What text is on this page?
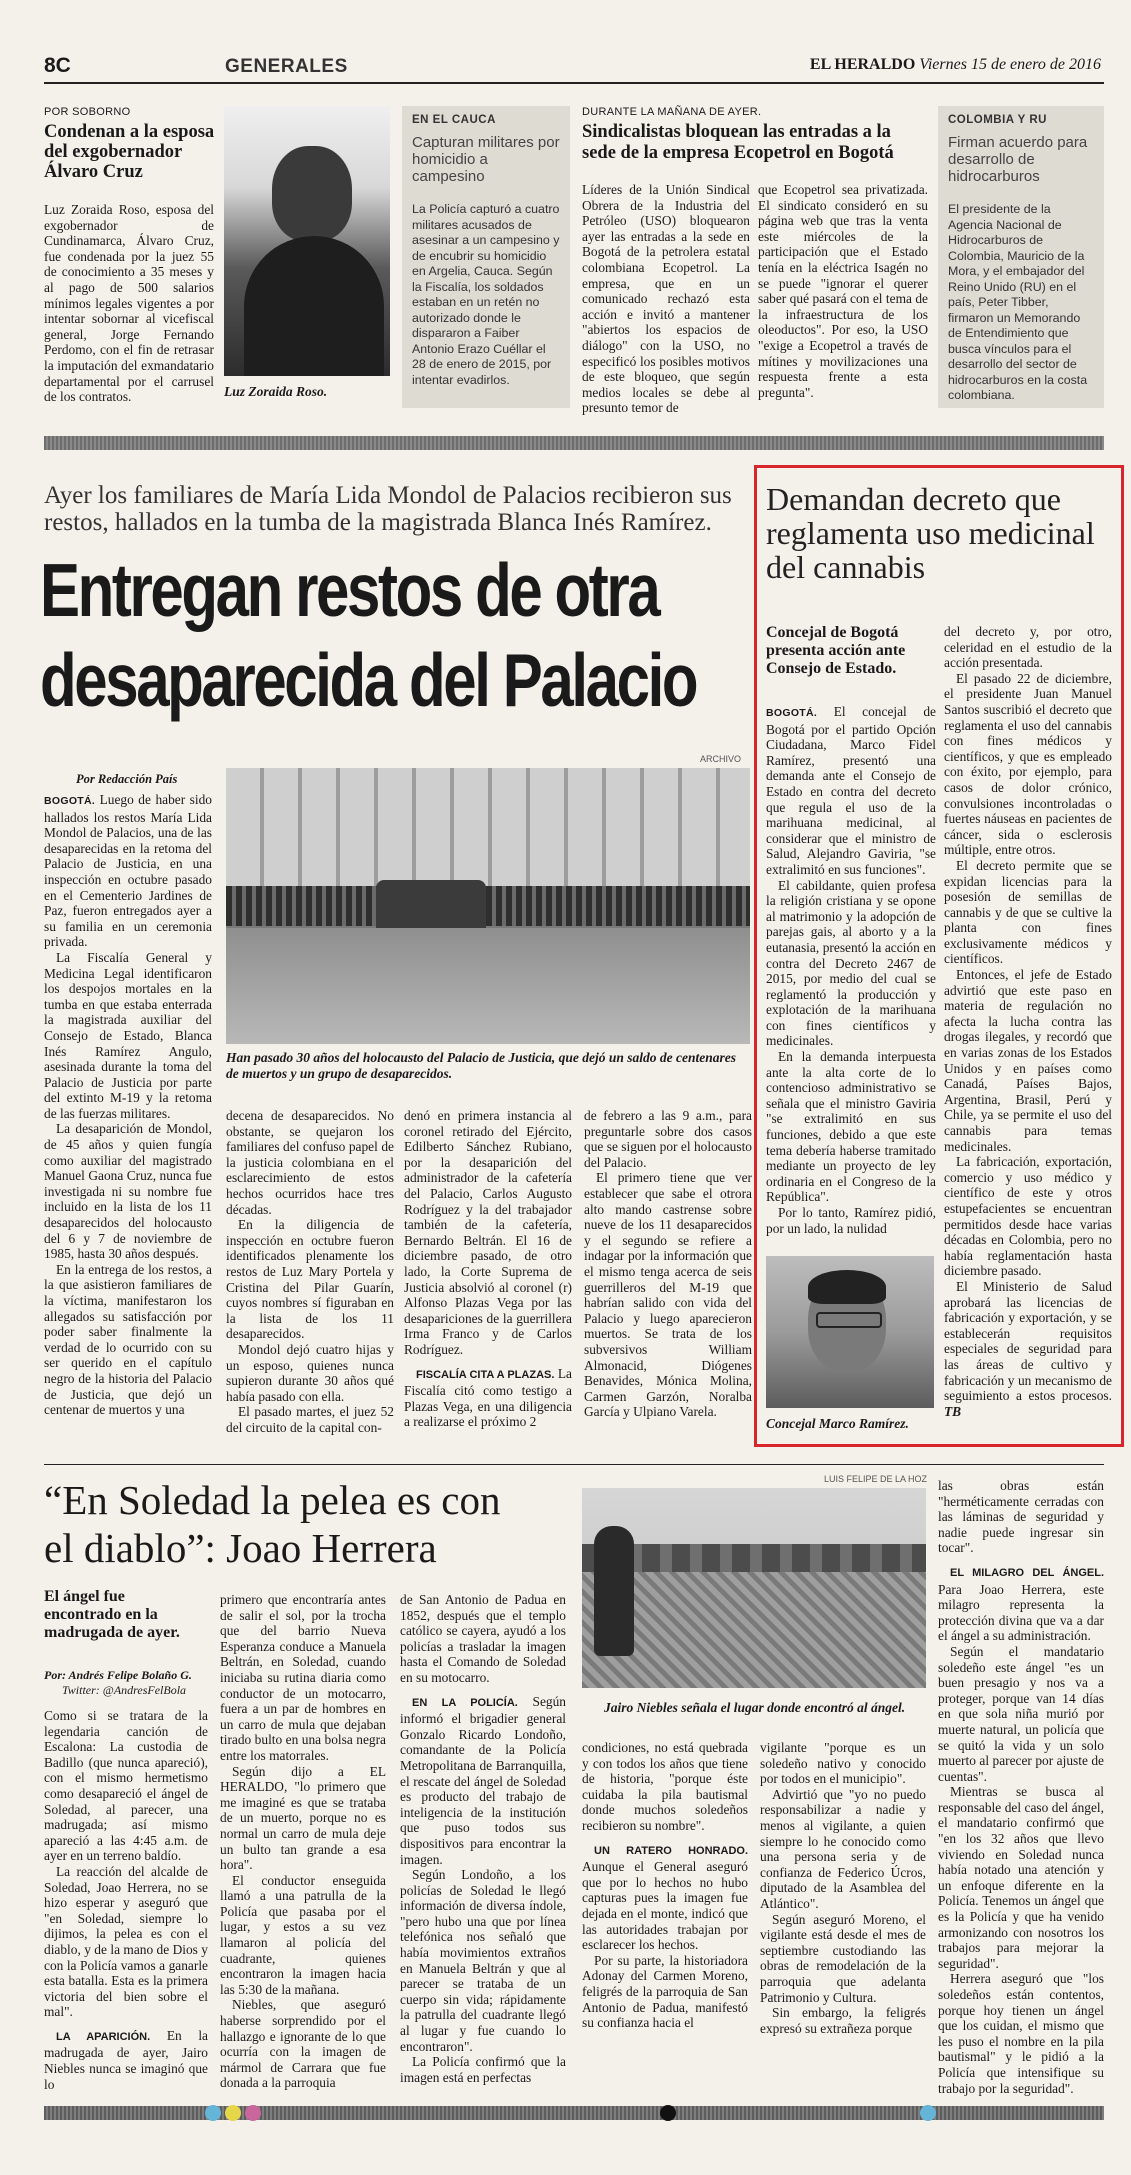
8C	GENERALES	EL HERALDO Viernes 15 de enero de 2016
POR SOBORNO
Condenan a la esposa del exgobernador Álvaro Cruz
Luz Zoraida Roso, esposa del exgobernador de Cundinamarca, Álvaro Cruz, fue condenada por la juez 55 de conocimiento a 35 meses y al pago de 500 salarios mínimos legales vigentes a por intentar sobornar al vicefiscal general, Jorge Fernando Perdomo, con el fin de retrasar la imputación del exmandatario departamental por el carrusel de los contratos.	Luz Zoraida Roso.
EN EL CAUCA
Capturan militares por homicidio a campesino
La Policía capturó a cuatro militares acusados de asesinar a un campesino y de encubrir su homicidio en Argelia, Cauca. Según la Fiscalía, los soldados estaban en un retén no autorizado donde le dispararon a Faiber Antonio Erazo Cuéllar el 28 de enero de 2015, por intentar evadirlos.
DURANTE LA MAÑANA DE AYER.
Sindicalistas bloquean las entradas a la sede de la empresa Ecopetrol en Bogotá
Líderes de la Unión Sindical Obrera de la Industria del Petróleo (USO) bloquearon ayer las entradas a la sede en Bogotá de la petrolera estatal colombiana Ecopetrol. La empresa, que en un comunicado rechazó esta acción e invitó a mantener "abiertos los espacios de diálogo" con la USO, no especificó los posibles motivos de este bloqueo, que según medios locales se debe al presunto temor de
que Ecopetrol sea privatizada. El sindicato consideró en su página web que tras la venta este miércoles de la participación que el Estado tenía en la eléctrica Isagén no se puede "ignorar el querer saber qué pasará con el tema de la infraestructura de los oleoductos". Por eso, la USO "exige a Ecopetrol a través de mítines y movilizaciones una respuesta frente a esta pregunta".
COLOMBIA Y RU
Firman acuerdo para desarrollo de hidrocarburos
El presidente de la Agencia Nacional de Hidrocarburos de Colombia, Mauricio de la Mora, y el embajador del Reino Unido (RU) en el país, Peter Tibber, firmaron un Memorando de Entendimiento que busca vínculos para el desarrollo del sector de hidrocarburos en la costa colombiana.
Ayer los familiares de María Lida Mondol de Palacios recibieron sus restos, hallados en la tumba de la magistrada Blanca Inés Ramírez.
Entregan restos de otra
desaparecida del Palacio
Por Redacción País
ARCHIVO
Han pasado 30 años del holocausto del Palacio de Justicia, que dejó un saldo de centenares de muertos y un grupo de desaparecidos.

BOGOTÁ. Luego de haber sido hallados los restos María Lida Mondol de Palacios, una de las desaparecidas en la retoma del Palacio de Justicia, en una inspección en octubre pasado en el Cementerio Jardines de Paz, fueron entregados ayer a su familia en un ceremonia privada.

La Fiscalía General y Medicina Legal identificaron los despojos mortales en la tumba en que estaba enterrada la magistrada auxiliar del Consejo de Estado, Blanca Inés Ramírez Angulo, asesinada durante la toma del Palacio de Justicia por parte del extinto M-19 y la retoma de las fuerzas militares.

La desaparición de Mondol, de 45 años y quien fungía como auxiliar del magistrado Manuel Gaona Cruz, nunca fue investigada ni su nombre fue incluido en la lista de los 11 desaparecidos del holocausto del 6 y 7 de noviembre de 1985, hasta 30 años después.

En la entrega de los restos, a la que asistieron familiares de la víctima, manifestaron los allegados su satisfacción por poder saber finalmente la verdad de lo ocurrido con su ser querido en el capítulo negro de la historia del Palacio de Justicia, que dejó un centenar de muertos y una

decena de desaparecidos. No obstante, se quejaron los familiares del confuso papel de la justicia colombiana en el esclarecimiento de estos hechos ocurridos hace tres décadas.

En la diligencia de inspección en octubre fueron identificados plenamente los restos de Luz Mary Portela y Cristina del Pilar Guarín, cuyos nombres sí figuraban en la lista de los 11 desaparecidos.

Mondol dejó cuatro hijas y un esposo, quienes nunca supieron durante 30 años qué había pasado con ella.

El pasado martes, el juez 52 del circuito de la capital con-

denó en primera instancia al coronel retirado del Ejército, Edilberto Sánchez Rubiano, por la desaparición del administrador de la cafetería del Palacio, Carlos Augusto Rodríguez y la del trabajador también de la cafetería, Bernardo Beltrán. El 16 de diciembre pasado, de otro lado, la Corte Suprema de Justicia absolvió al coronel (r) Alfonso Plazas Vega por las desapariciones de la guerrillera Irma Franco y de Carlos Rodríguez.

FISCALÍA CITA A PLAZAS. La Fiscalía citó como testigo a Plazas Vega, en una diligencia a realizarse el próximo 2

de febrero a las 9 a.m., para preguntarle sobre dos casos que se siguen por el holocausto del Palacio.

El primero tiene que ver establecer que sabe el otrora alto mando castrense sobre nueve de los 11 desaparecidos y el segundo se refiere a indagar por la información que el mismo tenga acerca de seis guerrilleros del M-19 que habrían salido con vida del Palacio y luego aparecieron muertos. Se trata de los subversivos William Almonacid, Diógenes Benavides, Mónica Molina, Carmen Garzón, Noralba García y Ulpiano Varela.

Demandan decreto que reglamenta uso medicinal del cannabis
Concejal de Bogotá presenta acción ante Consejo de Estado.

BOGOTÁ. El concejal de Bogotá por el partido Opción Ciudadana, Marco Fidel Ramírez, presentó una demanda ante el Consejo de Estado en contra del decreto que regula el uso de la marihuana medicinal, al considerar que el ministro de Salud, Alejandro Gaviria, "se extralimitó en sus funciones".

El cabildante, quien profesa la religión cristiana y se opone al matrimonio y la adopción de parejas gais, al aborto y a la eutanasia, presentó la acción en contra del Decreto 2467 de 2015, por medio del cual se reglamentó la producción y explotación de la marihuana con fines científicos y medicinales.

En la demanda interpuesta ante la alta corte de lo contencioso administrativo se señala que el ministro Gaviria "se extralimitó en sus funciones, debido a que este tema debería haberse tramitado mediante un proyecto de ley ordinaria en el Congreso de la República".

Por lo tanto, Ramírez pidió, por un lado, la nulidad

Concejal Marco Ramírez.

del decreto y, por otro, celeridad en el estudio de la acción presentada.

El pasado 22 de diciembre, el presidente Juan Manuel Santos suscribió el decreto que reglamenta el uso del cannabis con fines médicos y científicos, y que es empleado con éxito, por ejemplo, para casos de dolor crónico, convulsiones incontroladas o fuertes náuseas en pacientes de cáncer, sida o esclerosis múltiple, entre otros.

El decreto permite que se expidan licencias para la posesión de semillas de cannabis y de que se cultive la planta con fines exclusivamente médicos y científicos.

Entonces, el jefe de Estado advirtió que este paso en materia de regulación no afecta la lucha contra las drogas ilegales, y recordó que en varias zonas de los Estados Unidos y en países como Canadá, Países Bajos, Argentina, Brasil, Perú y Chile, ya se permite el uso del cannabis para temas medicinales.

La fabricación, exportación, comercio y uso médico y científico de este y otros estupefacientes se encuentran permitidos desde hace varias décadas en Colombia, pero no había reglamentación hasta diciembre pasado.

El Ministerio de Salud aprobará las licencias de fabricación y exportación, y se establecerán requisitos especiales de seguridad para las áreas de cultivo y fabricación y un mecanismo de seguimiento a estos procesos. TB

“En Soledad la pelea es con
el diablo”: Joao Herrera
El ángel fue encontrado en la madrugada de ayer.
Por: Andrés Felipe Bolaño G.
Twitter: @AndresFelBola

Como si se tratara de la legendaria canción de Escalona: La custodia de Badillo (que nunca apareció), con el mismo hermetismo como desapareció el ángel de Soledad, al parecer, una madrugada; así mismo apareció a las 4:45 a.m. de ayer en un terreno baldío.

La reacción del alcalde de Soledad, Joao Herrera, no se hizo esperar y aseguró que "en Soledad, siempre lo dijimos, la pelea es con el diablo, y de la mano de Dios y con la Policía vamos a ganarle esta batalla. Esta es la primera victoria del bien sobre el mal".

LA APARICIÓN. En la madrugada de ayer, Jairo Niebles nunca se imaginó que lo

primero que encontraría antes de salir el sol, por la trocha que del barrio Nueva Esperanza conduce a Manuela Beltrán, en Soledad, cuando iniciaba su rutina diaria como conductor de un motocarro, fuera a un par de hombres en un carro de mula que dejaban tirado bulto en una bolsa negra entre los matorrales.

Según dijo a EL HERALDO, "lo primero que me imaginé es que se trataba de un muerto, porque no es normal un carro de mula deje un bulto tan grande a esa hora".

El conductor enseguida llamó a una patrulla de la Policía que pasaba por el lugar, y estos a su vez llamaron al policía del cuadrante, quienes encontraron la imagen hacia las 5:30 de la mañana.

Niebles, que aseguró haberse sorprendido por el hallazgo e ignorante de lo que ocurría con la imagen de mármol de Carrara que fue donada a la parroquia

de San Antonio de Padua en 1852, después que el templo católico se cayera, ayudó a los policías a trasladar la imagen hasta el Comando de Soledad en su motocarro.

EN LA POLICÍA. Según informó el brigadier general Gonzalo Ricardo Londoño, comandante de la Policía Metropolitana de Barranquilla, el rescate del ángel de Soledad es producto del trabajo de inteligencia de la institución que puso todos sus dispositivos para encontrar la imagen.

Según Londoño, a los policías de Soledad le llegó información de diversa índole, "pero hubo una que por línea telefónica nos señaló que había movimientos extraños en Manuela Beltrán y que al parecer se trataba de un cuerpo sin vida; rápidamente la patrulla del cuadrante llegó al lugar y fue cuando lo encontraron".

La Policía confirmó que la imagen está en perfectas

LUIS FELIPE DE LA HOZ
Jairo Niebles señala el lugar donde encontró al ángel.

condiciones, no está quebrada y con todos los años que tiene de historia, "porque éste cuidaba la pila bautismal donde muchos soledeños recibieron su nombre".

UN RATERO HONRADO. Aunque el General aseguró que por lo hechos no hubo capturas pues la imagen fue dejada en el monte, indicó que las autoridades trabajan por esclarecer los hechos.

Por su parte, la historiadora Adonay del Carmen Moreno, feligrés de la parroquia de San Antonio de Padua, manifestó su confianza hacia el

vigilante "porque es un soledeño nativo y conocido por todos en el municipio".

Advirtió que "yo no puedo responsabilizar a nadie y menos al vigilante, a quien siempre lo he conocido como una persona seria y de confianza de Federico Úcros, diputado de la Asamblea del Atlántico".

Según aseguró Moreno, el vigilante está desde el mes de septiembre custodiando las obras de remodelación de la parroquia que adelanta Patrimonio y Cultura.

Sin embargo, la feligrés expresó su extrañeza porque

las obras están "herméticamente cerradas con las láminas de seguridad y nadie puede ingresar sin tocar".

EL MILAGRO DEL ÁNGEL. Para Joao Herrera, este milagro representa la protección divina que va a dar el ángel a su administración.

Según el mandatario soledeño este ángel "es un buen presagio y nos va a proteger, porque van 14 días en que sola niña murió por muerte natural, un policía que se quitó la vida y un solo muerto al parecer por ajuste de cuentas".

Mientras se busca al responsable del caso del ángel, el mandatario confirmó que "en los 32 años que llevo viviendo en Soledad nunca había notado una atención y un enfoque diferente en la Policía. Tenemos un ángel que es la Policía y que ha venido armonizando con nosotros los trabajos para mejorar la seguridad".

Herrera aseguró que "los soledeños están contentos, porque hoy tienen un ángel que los cuidan, el mismo que les puso el nombre en la pila bautismal" y le pidió a la Policía que intensifique su trabajo por la seguridad".
